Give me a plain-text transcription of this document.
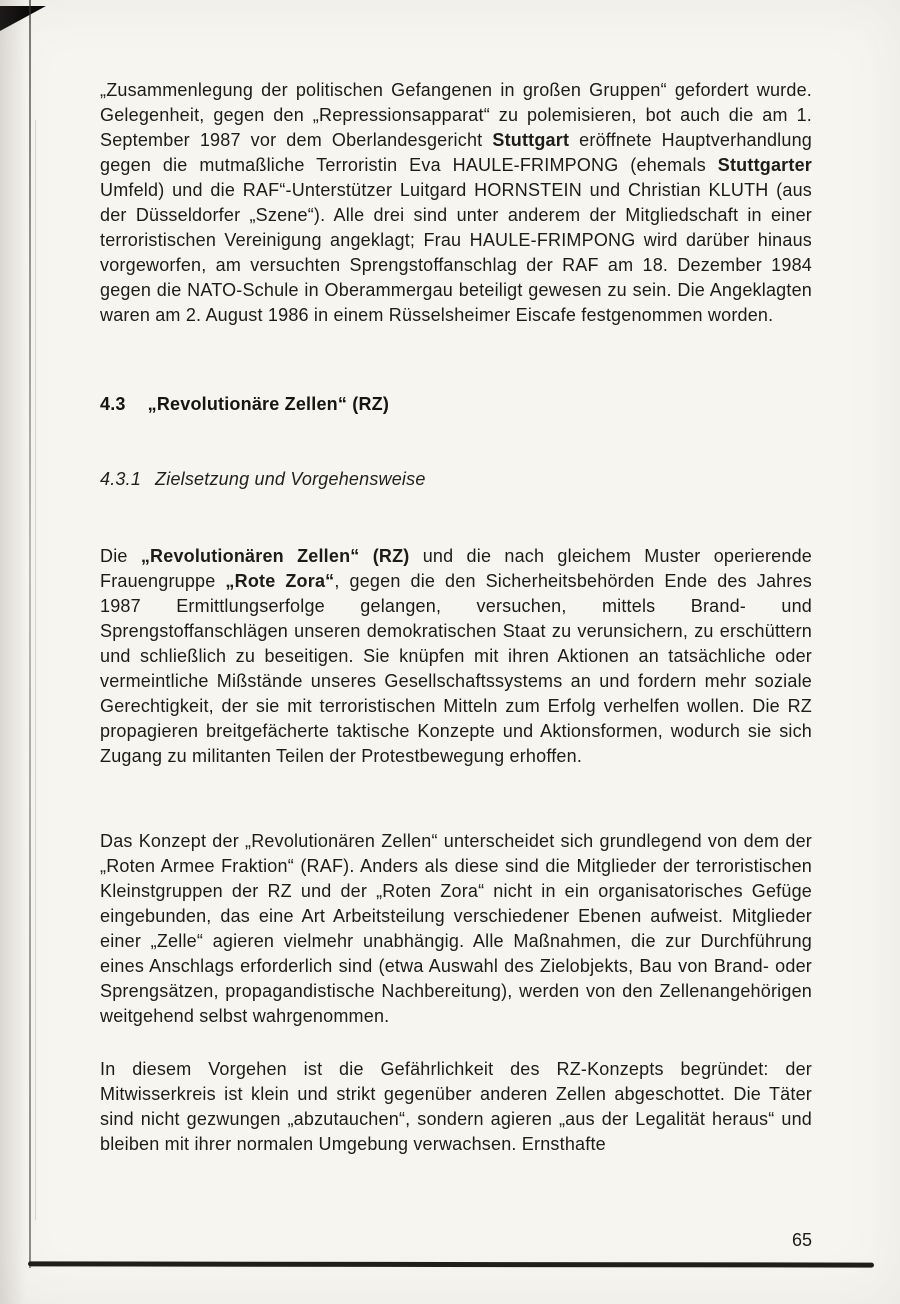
„Zusammenlegung der politischen Gefangenen in großen Gruppen“ gefordert wurde. Gelegenheit, gegen den „Repressionsapparat“ zu polemisieren, bot auch die am 1. September 1987 vor dem Oberlandesgericht Stuttgart eröffnete Hauptverhandlung gegen die mutmaßliche Terroristin Eva HAULE-FRIMPONG (ehemals Stuttgarter Umfeld) und die RAF“-Unterstützer Luitgard HORNSTEIN und Christian KLUTH (aus der Düsseldorfer „Szene“). Alle drei sind unter anderem der Mitgliedschaft in einer terroristischen Vereinigung angeklagt; Frau HAULE-FRIMPONG wird darüber hinaus vorgeworfen, am versuchten Sprengstoffanschlag der RAF am 18. Dezember 1984 gegen die NATO-Schule in Oberammergau beteiligt gewesen zu sein. Die Angeklagten waren am 2. August 1986 in einem Rüsselsheimer Eiscafe festgenommen worden.

4.3 „Revolutionäre Zellen“ (RZ)
4.3.1 Zielsetzung und Vorgehensweise

Die „Revolutionären Zellen“ (RZ) und die nach gleichem Muster operierende Frauengruppe „Rote Zora“, gegen die den Sicherheitsbehörden Ende des Jahres 1987 Ermittlungserfolge gelangen, versuchen, mittels Brand- und Sprengstoffanschlägen unseren demokratischen Staat zu verunsichern, zu erschüttern und schließlich zu beseitigen. Sie knüpfen mit ihren Aktionen an tatsächliche oder vermeintliche Mißstände unseres Gesellschaftssystems an und fordern mehr soziale Gerechtigkeit, der sie mit terroristischen Mitteln zum Erfolg verhelfen wollen. Die RZ propagieren breitgefächerte taktische Konzepte und Aktionsformen, wodurch sie sich Zugang zu militanten Teilen der Protestbewegung erhoffen.

Das Konzept der „Revolutionären Zellen“ unterscheidet sich grundlegend von dem der „Roten Armee Fraktion“ (RAF). Anders als diese sind die Mitglieder der terroristischen Kleinstgruppen der RZ und der „Roten Zora“ nicht in ein organisatorisches Gefüge eingebunden, das eine Art Arbeitsteilung verschiedener Ebenen aufweist. Mitglieder einer „Zelle“ agieren vielmehr unabhängig. Alle Maßnahmen, die zur Durchführung eines Anschlags erforderlich sind (etwa Auswahl des Zielobjekts, Bau von Brand- oder Sprengsätzen, propagandistische Nachbereitung), werden von den Zellenangehörigen weitgehend selbst wahrgenommen.

In diesem Vorgehen ist die Gefährlichkeit des RZ-Konzepts begründet: der Mitwisserkreis ist klein und strikt gegenüber anderen Zellen abgeschottet. Die Täter sind nicht gezwungen „abzutauchen“, sondern agieren „aus der Legalität heraus“ und bleiben mit ihrer normalen Umgebung verwachsen. Ernsthafte

65
